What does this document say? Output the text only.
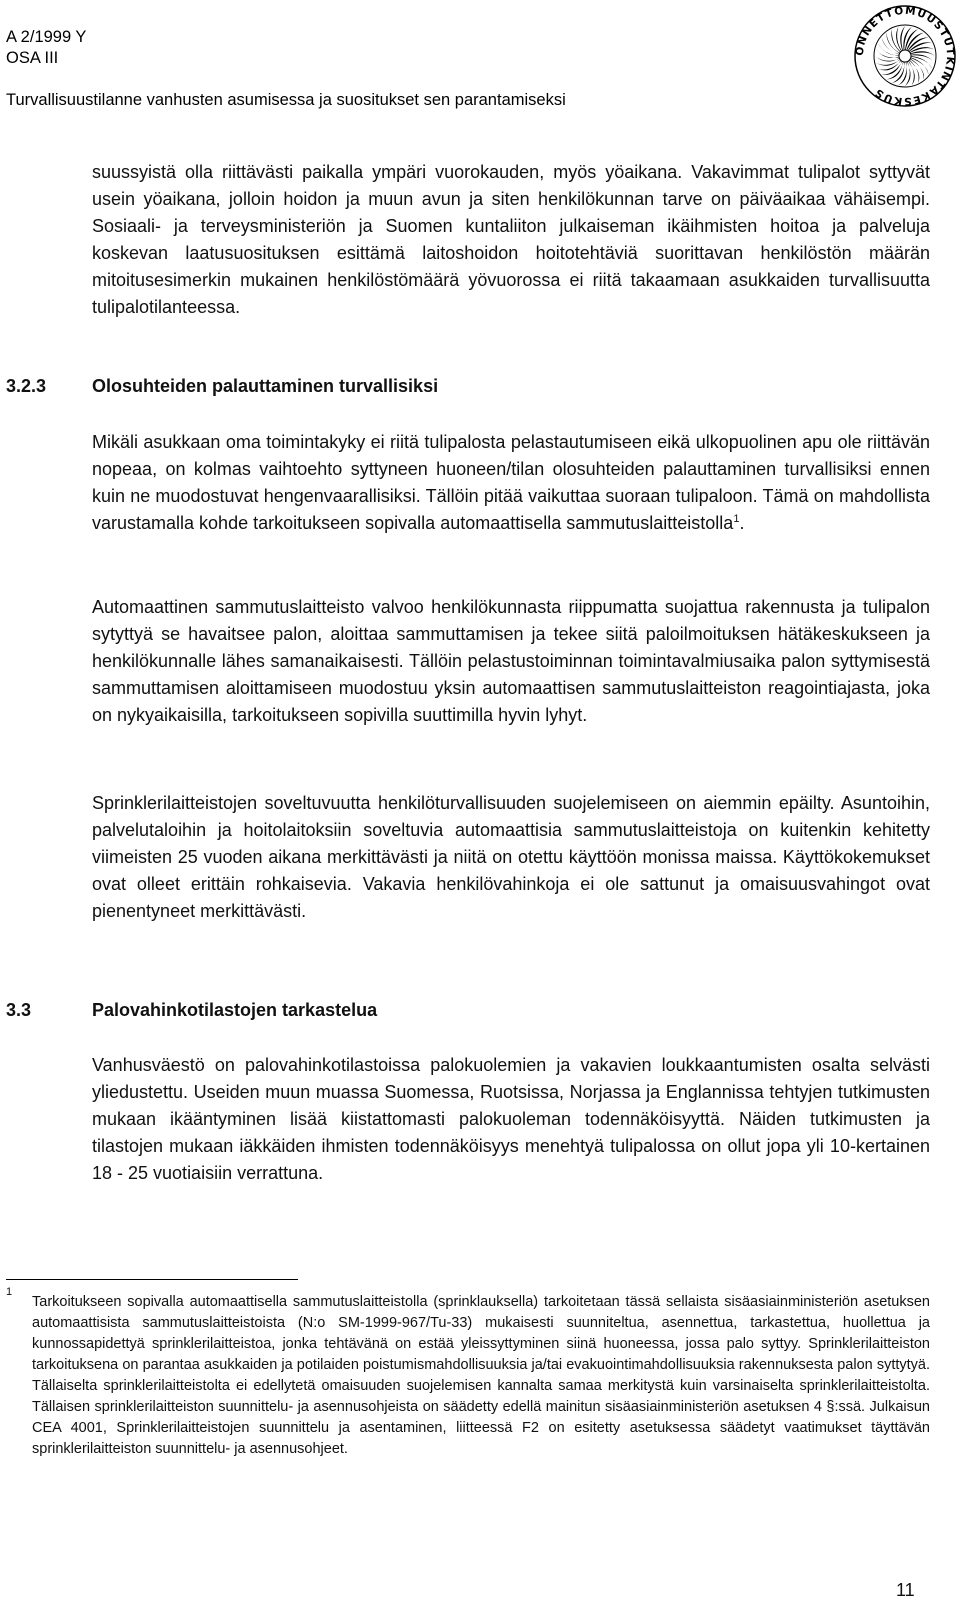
A 2/1999 Y
OSA III
Turvallisuustilanne vanhusten asumisessa ja suositukset sen parantamiseksi
ONNETTOMUUSTUTKINTAKESKUS
suussyistä olla riittävästi paikalla ympäri vuorokauden, myös yöaikana. Vakavimmat tulipalot syttyvät usein yöaikana, jolloin hoidon ja muun avun ja siten henkilökunnan tarve on päiväaikaa vähäisempi. Sosiaali- ja terveysministeriön ja Suomen kuntaliiton julkaiseman ikäihmisten hoitoa ja palveluja koskevan laatusuosituksen esittämä laitoshoidon hoitotehtäviä suorittavan henkilöstön määrän mitoitusesimerkin mukainen henkilöstömäärä yövuorossa ei riitä takaamaan asukkaiden turvallisuutta tulipalotilanteessa.
3.2.3	Olosuhteiden palauttaminen turvallisiksi
Mikäli asukkaan oma toimintakyky ei riitä tulipalosta pelastautumiseen eikä ulkopuolinen apu ole riittävän nopeaa, on kolmas vaihtoehto syttyneen huoneen/tilan olosuhteiden palauttaminen turvallisiksi ennen kuin ne muodostuvat hengenvaarallisiksi. Tällöin pitää vaikuttaa suoraan tulipaloon. Tämä on mahdollista varustamalla kohde tarkoitukseen sopivalla automaattisella sammutuslaitteistolla$^1$.
Automaattinen sammutuslaitteisto valvoo henkilökunnasta riippumatta suojattua rakennusta ja tulipalon sytyttyä se havaitsee palon, aloittaa sammuttamisen ja tekee siitä paloilmoituksen hätäkeskukseen ja henkilökunnalle lähes samanaikaisesti. Tällöin pelastustoiminnan toimintavalmiusaika palon syttymisestä sammuttamisen aloittamiseen muodostuu yksin automaattisen sammutuslaitteiston reagointiajasta, joka on nykyaikaisilla, tarkoitukseen sopivilla suuttimilla hyvin lyhyt.
Sprinklerilaitteistojen soveltuvuutta henkilöturvallisuuden suojelemiseen on aiemmin epäilty. Asuntoihin, palvelutaloihin ja hoitolaitoksiin soveltuvia automaattisia sammutuslaitteistoja on kuitenkin kehitetty viimeisten 25 vuoden aikana merkittävästi ja niitä on otettu käyttöön monissa maissa. Käyttökokemukset ovat olleet erittäin rohkaisevia. Vakavia henkilövahinkoja ei ole sattunut ja omaisuusvahingot ovat pienentyneet merkittävästi.
3.3	Palovahinkotilastojen tarkastelua
Vanhusväestö on palovahinkotilastoissa palokuolemien ja vakavien loukkaantumisten osalta selvästi yliedustettu. Useiden muun muassa Suomessa, Ruotsissa, Norjassa ja Englannissa tehtyjen tutkimusten mukaan ikääntyminen lisää kiistattomasti palokuoleman todennäköisyyttä. Näiden tutkimusten ja tilastojen mukaan iäkkäiden ihmisten todennäköisyys menehtyä tulipalossa on ollut jopa yli 10-kertainen 18 - 25 vuotiaisiin verrattuna.
1
Tarkoitukseen sopivalla automaattisella sammutuslaitteistolla (sprinklauksella) tarkoitetaan tässä sellaista sisäasiainministeriön asetuksen automaattisista sammutuslaitteistoista (N:o SM-1999-967/Tu-33) mukaisesti suunniteltua, asennettua, tarkastettua, huollettua ja kunnossapidettyä sprinklerilaitteistoa, jonka tehtävänä on estää yleissyttyminen siinä huoneessa, jossa palo syttyy. Sprinklerilaitteiston tarkoituksena on parantaa asukkaiden ja potilaiden poistumismahdollisuuksia ja/tai evakuointimahdollisuuksia rakennuksesta palon syttytyä. Tällaiselta sprinklerilaitteistolta ei edellytetä omaisuuden suojelemisen kannalta samaa merkitystä kuin varsinaiselta sprinklerilaitteistolta. Tällaisen sprinklerilaitteiston suunnittelu- ja asennusohjeista on säädetty edellä mainitun sisäasiainministeriön asetuksen 4 §:ssä. Julkaisun CEA 4001, Sprinklerilaitteistojen suunnittelu ja asentaminen, liitteessä F2 on esitetty asetuksessa säädetyt vaatimukset täyttävän sprinklerilaitteiston suunnittelu- ja asennusohjeet.
11
